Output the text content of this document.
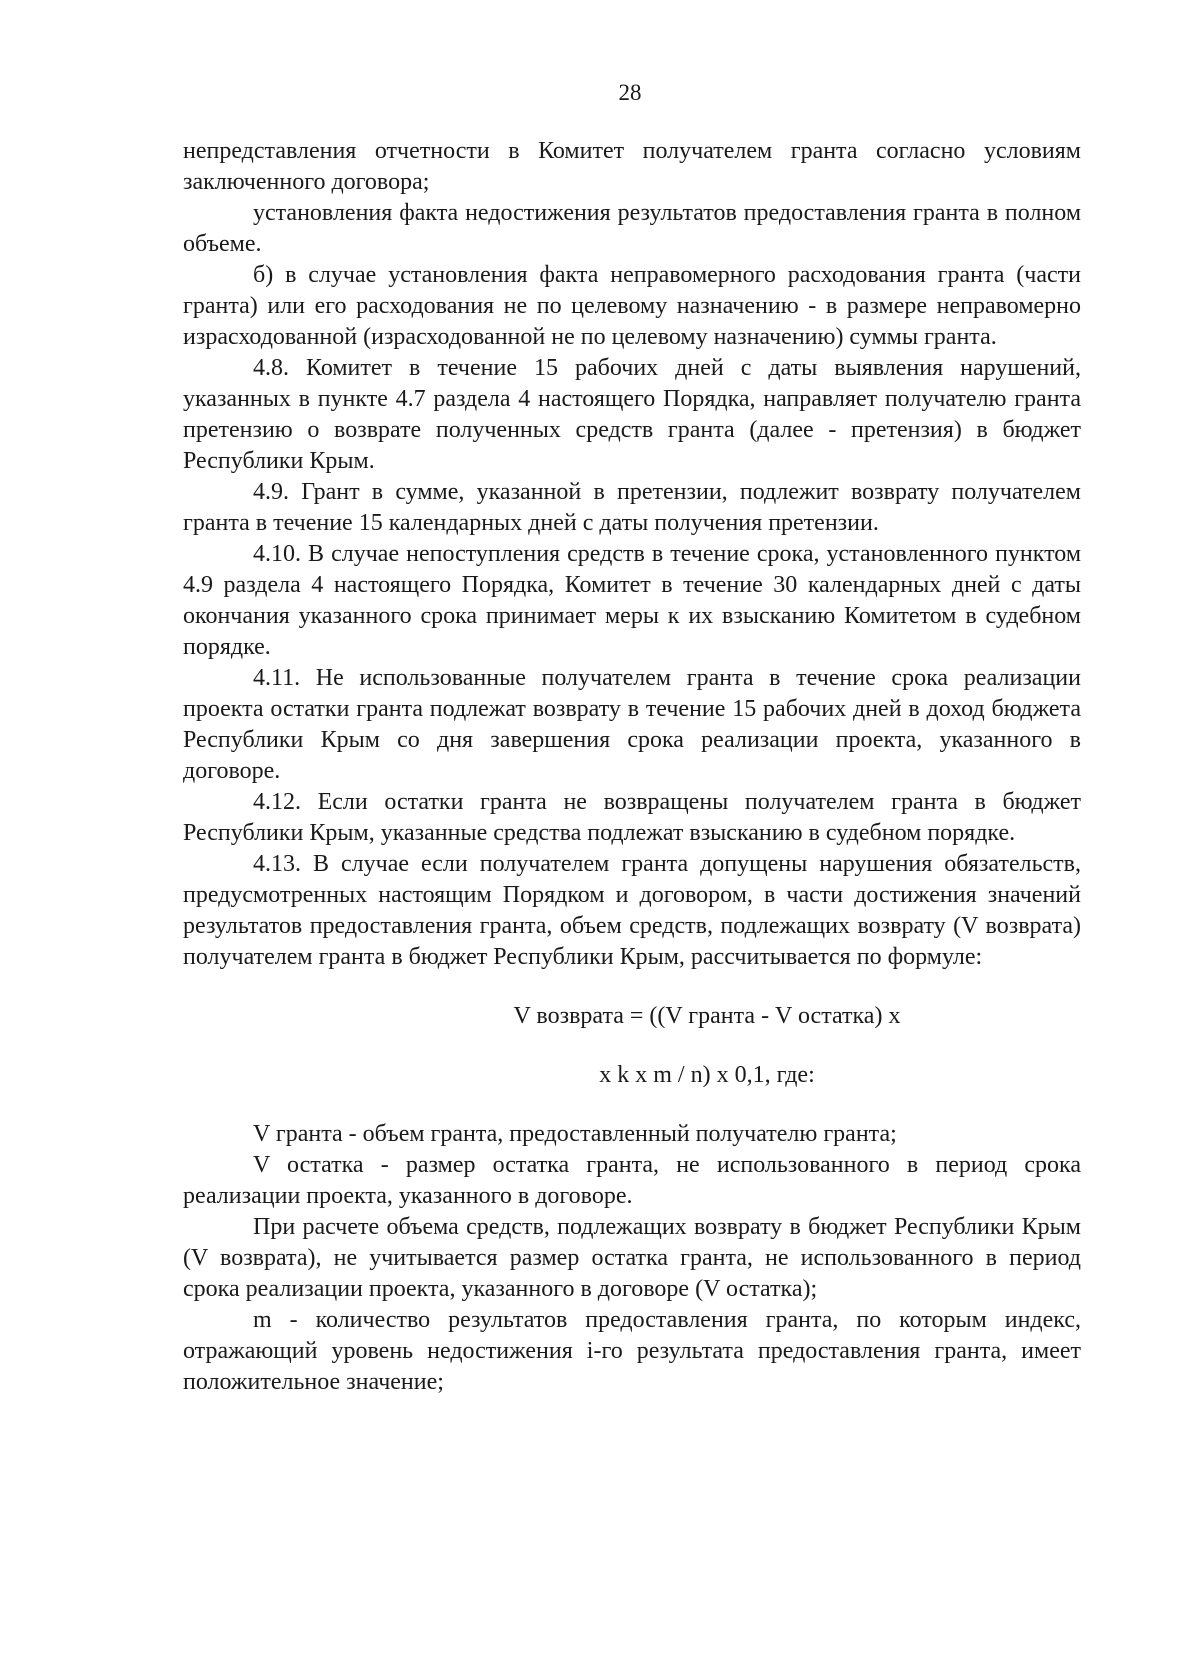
28

непредставления отчетности в Комитет получателем гранта согласно условиям заключенного договора;

установления факта недостижения результатов предоставления гранта в полном объеме.

б) в случае установления факта неправомерного расходования гранта (части гранта) или его расходования не по целевому назначению - в размере неправомерно израсходованной (израсходованной не по целевому назначению) суммы гранта.

4.8. Комитет в течение 15 рабочих дней с даты выявления нарушений, указанных в пункте 4.7 раздела 4 настоящего Порядка, направляет получателю гранта претензию о возврате полученных средств гранта (далее - претензия) в бюджет Республики Крым.

4.9. Грант в сумме, указанной в претензии, подлежит возврату получателем гранта в течение 15 календарных дней с даты получения претензии.

4.10. В случае непоступления средств в течение срока, установленного пунктом 4.9 раздела 4 настоящего Порядка, Комитет в течение 30 календарных дней с даты окончания указанного срока принимает меры к их взысканию Комитетом в судебном порядке.

4.11. Не использованные получателем гранта в течение срока реализации проекта остатки гранта подлежат возврату в течение 15 рабочих дней в доход бюджета Республики Крым со дня завершения срока реализации проекта, указанного в договоре.

4.12. Если остатки гранта не возвращены получателем гранта в бюджет Республики Крым, указанные средства подлежат взысканию в судебном порядке.

4.13. В случае если получателем гранта допущены нарушения обязательств, предусмотренных настоящим Порядком и договором, в части достижения значений результатов предоставления гранта, объем средств, подлежащих возврату (V возврата) получателем гранта в бюджет Республики Крым, рассчитывается по формуле:

V возврата = ((V гранта - V остатка) x

x k x m / n) x 0,1, где:

V гранта - объем гранта, предоставленный получателю гранта;

V остатка - размер остатка гранта, не использованного в период срока реализации проекта, указанного в договоре.

При расчете объема средств, подлежащих возврату в бюджет Республики Крым (V возврата), не учитывается размер остатка гранта, не использованного в период срока реализации проекта, указанного в договоре (V остатка);

m - количество результатов предоставления гранта, по которым индекс, отражающий уровень недостижения i-го результата предоставления гранта, имеет положительное значение;
